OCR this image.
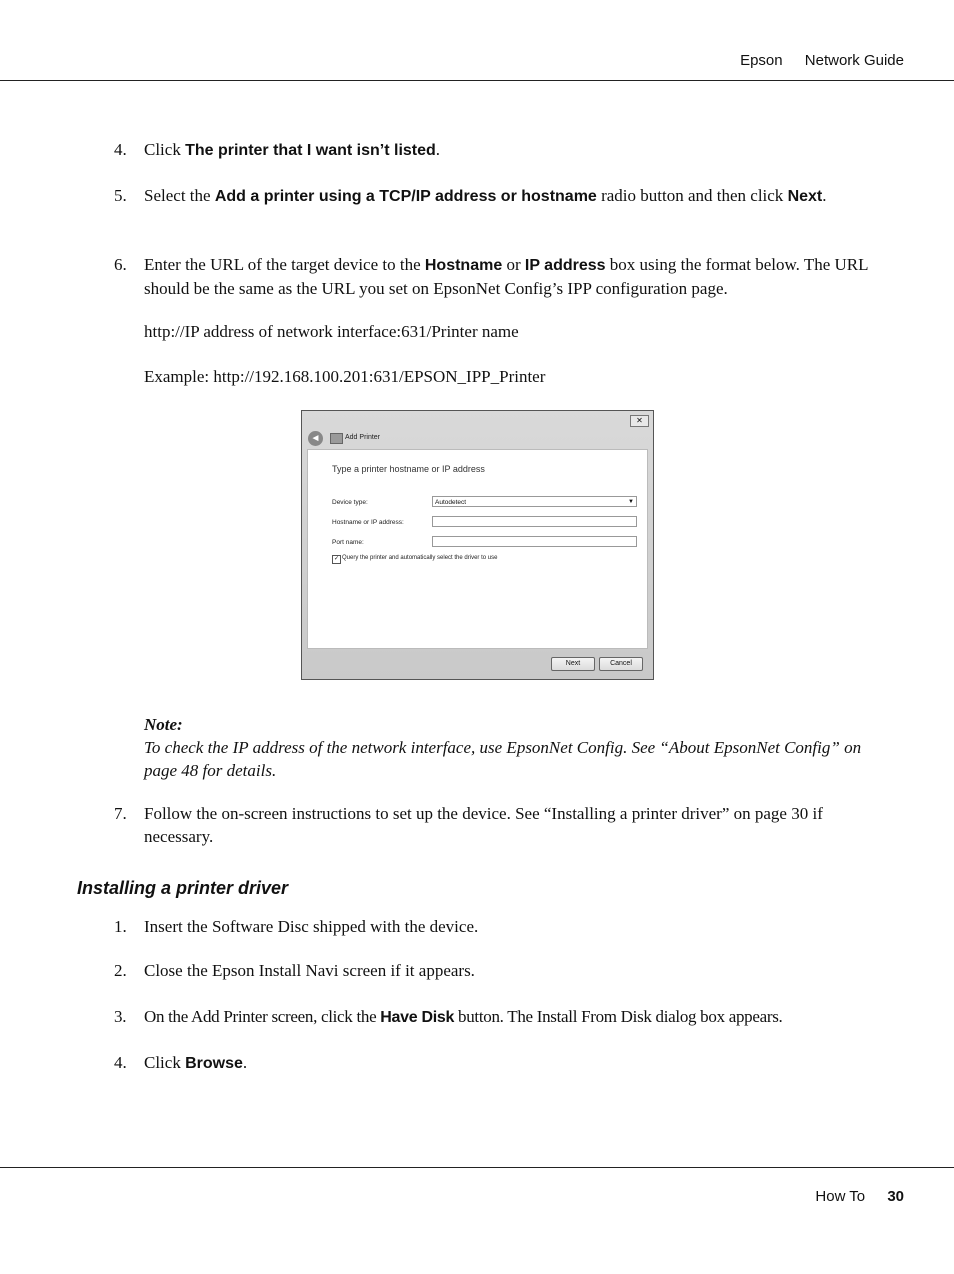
Epson Network Guide
4.	Click The printer that I want isn’t listed.
5.	Select the Add a printer using a TCP/IP address or hostname radio button and then click Next.
6.	Enter the URL of the target device to the Hostname or IP address box using the format below. The URL should be the same as the URL you set on EpsonNet Config’s IPP configuration page.
http://IP address of network interface:631/Printer name
Example: http://192.168.100.201:631/EPSON_IPP_Printer
✕
◄	Add Printer
Type a printer hostname or IP address
Device type:	Autodetect	▼
Hostname or IP address:
Port name:
✓ Query the printer and automatically select the driver to use
Next	Cancel
Note:
To check the IP address of the network interface, use EpsonNet Config. See “About EpsonNet Config” on page 48 for details.
7.	Follow the on-screen instructions to set up the device. See “Installing a printer driver” on page 30 if necessary.
Installing a printer driver
1.	Insert the Software Disc shipped with the device.
2.	Close the Epson Install Navi screen if it appears.
3.	On the Add Printer screen, click the Have Disk button. The Install From Disk dialog box appears.
4.	Click Browse.
How To 30
